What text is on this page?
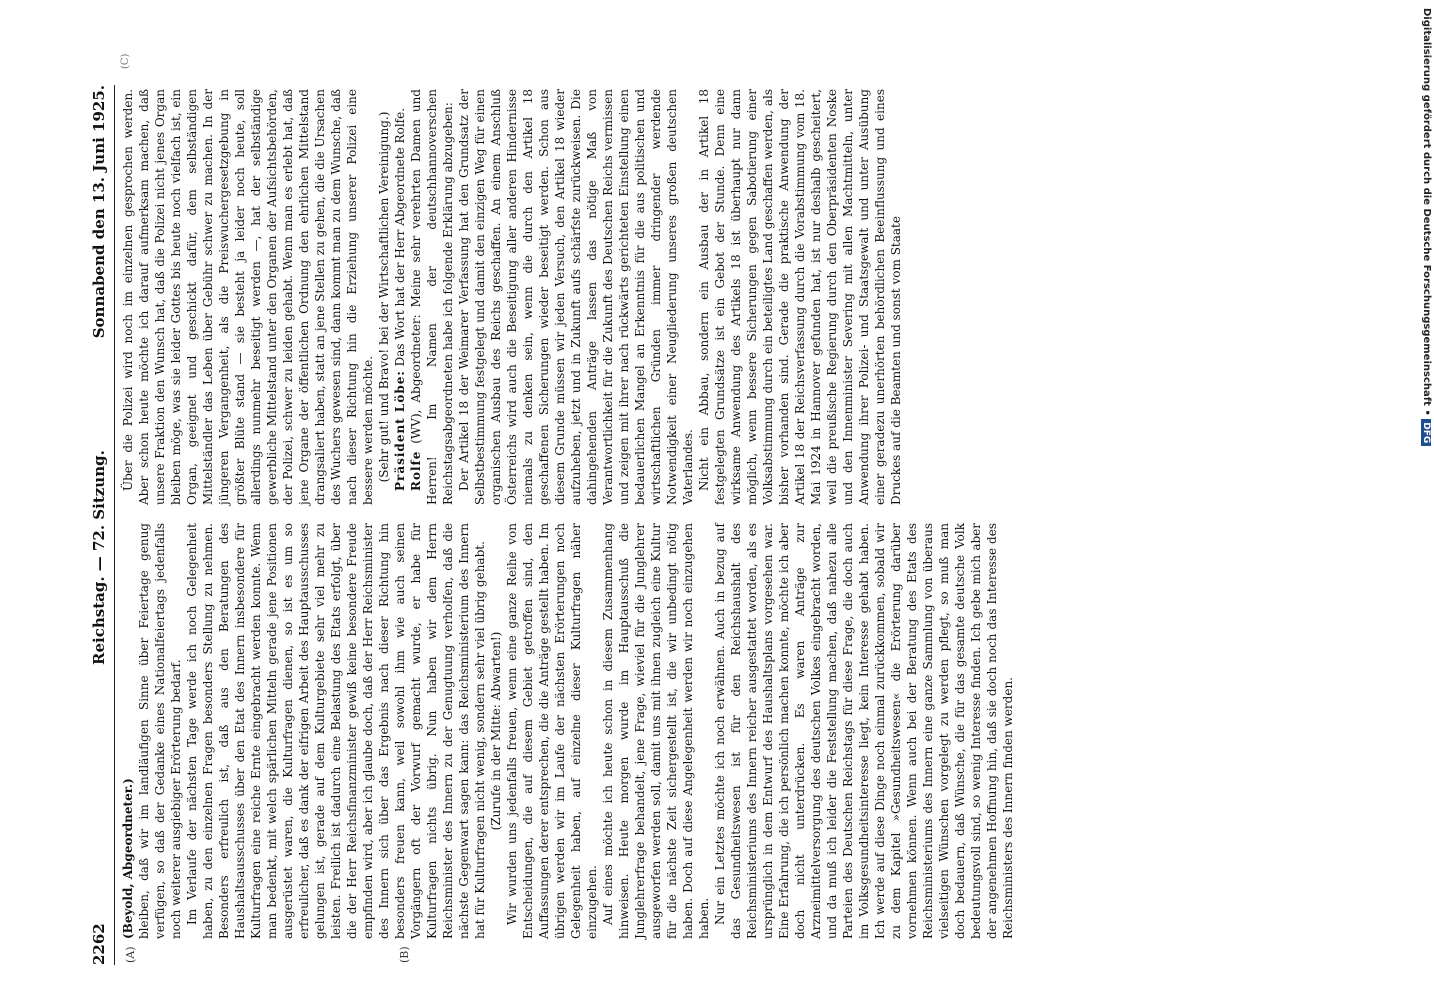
2262
Reichstag. — 72. Sitzung.
Sonnabend den 13. Juni 1925.
(A)	(B)
(C)

(Beyold, Abgeordneter.) bleiben, daß wir im landläufigen Sinne über Feiertage genug verfügen, so daß der Gedanke eines Nationalfeiertags jedenfalls noch weiterer ausgiebiger Erörterung bedarf. Im Verlaufe der nächsten Tage werde ich noch Gelegenheit haben, zu den einzelnen Fragen besonders Stellung zu nehmen. Besonders erfreulich ist, daß aus den Beratungen des Haushaltsausschusses über den Etat des Innern insbesondere für Kulturfragen eine reiche Ernte eingebracht werden konnte. Wenn man bedenkt, mit welch spärlichen Mitteln gerade jene Positionen ausgerüstet waren, die Kulturfragen dienen, so ist es um so erfreulicher, daß es dank der eifrigen Arbeit des Hauptausschusses gelungen ist, gerade auf dem Kulturgebiete sehr viel mehr zu leisten. Freilich ist dadurch eine Belastung des Etats erfolgt, über die der Herr Reichsfinanzminister gewiß keine besondere Freude empfinden wird, aber ich glaube doch, daß der Herr Reichsminister des Innern sich über das Ergebnis nach dieser Richtung hin besonders freuen kann, weil sowohl ihm wie auch seinen Vorgängern oft der Vorwurf gemacht wurde, er habe für Kulturfragen nichts übrig. Nun haben wir dem Herrn Reichsminister des Innern zu der Genugtuung verholfen, daß die nächste Gegenwart sagen kann: das Reichsministerium des Innern hat für Kulturfragen nicht wenig, sondern sehr viel übrig gehabt. (Zurufe in der Mitte: Abwarten!) Wir wurden uns jedenfalls freuen, wenn eine ganze Reihe von Entscheidungen, die auf diesem Gebiet getroffen sind, den Auffassungen derer entsprechen, die die Anträge gestellt haben. Im übrigen werden wir im Laufe der nächsten Erörterungen noch Gelegenheit haben, auf einzelne dieser Kulturfragen näher einzugehen. Auf eines möchte ich heute schon in diesem Zusammenhang hinweisen. Heute morgen wurde im Hauptausschuß die Junglehrerfrage behandelt, jene Frage, wieviel für die Junglehrer ausgeworfen werden soll, damit uns mit ihnen zugleich eine Kultur für die nächste Zeit sichergestellt ist, die wir unbedingt nötig haben. Doch auf diese Angelegenheit werden wir noch einzugehen haben. Nur ein Letztes möchte ich noch erwähnen. Auch in bezug auf das Gesundheitswesen ist für den Reichshaushalt des Reichsministeriums des Innern reicher ausgestattet worden, als es ursprünglich in dem Entwurf des Haushaltsplans vorgesehen war. Eine Erfahrung, die ich persönlich machen konnte, möchte ich aber doch nicht unterdrücken. Es waren Anträge zur Arzneimittelversorgung des deutschen Volkes eingebracht worden, und da muß ich leider die Feststellung machen, daß nahezu alle Parteien des Deutschen Reichstags für diese Frage, die doch auch im Volksgesundheitsinteresse liegt, kein Interesse gehabt haben. Ich werde auf diese Dinge noch einmal zurückkommen, sobald wir zu dem Kapitel »Gesundheitswesen« die Erörterung darüber vornehmen können. Wenn auch bei der Beratung des Etats des Reichsministeriums des Innern eine ganze Sammlung von überaus vielseitigen Wünschen vorgelegt zu werden pflegt, so muß man doch bedauern, daß Wünsche, die für das gesamte deutsche Volk bedeutungsvoll sind, so wenig Interesse finden. Ich gebe mich aber der angenehmen Hoffnung hin, daß sie doch noch das Interesse des Reichsministers des Innern finden werden.

Über die Polizei wird noch im einzelnen gesprochen werden. Aber schon heute möchte ich darauf aufmerksam machen, daß unsere Fraktion den Wunsch hat, daß die Polizei nicht jenes Organ bleiben möge, was sie leider Gottes bis heute noch vielfach ist, ein Organ, geeignet und geschickt dafür, dem selbständigen Mittelständler das Leben über Gebühr schwer zu machen. In der jüngeren Vergangenheit, als die Preiswuchergesetzgebung in größter Blüte stand — sie besteht ja leider noch heute, soll allerdings nunmehr beseitigt werden —, hat der selbständige gewerbliche Mittelstand unter den Organen der Aufsichtsbehörden, der Polizei, schwer zu leiden gehabt. Wenn man es erlebt hat, daß jene Organe der öffentlichen Ordnung den ehrlichen Mittelstand drangsaliert haben, statt an jene Stellen zu gehen, die die Ursachen des Wuchers gewesen sind, dann kommt man zu dem Wunsche, daß nach dieser Richtung hin die Erziehung unserer Polizei eine bessere werden möchte. (Sehr gut! und Bravo! bei der Wirtschaftlichen Vereinigung.) Präsident Löbe: Das Wort hat der Herr Abgeordnete Rolfe.

Rolfe (WV), Abgeordneter: Meine sehr verehrten Damen und Herren! Im Namen der deutschhannoverschen Reichstagsabgeordneten habe ich folgende Erklärung abzugeben: Der Artikel 18 der Weimarer Verfassung hat den Grundsatz der Selbstbestimmung festgelegt und damit den einzigen Weg für einen organischen Ausbau des Reichs geschaffen. An einem Anschluß Österreichs wird auch die Beseitigung aller anderen Hindernisse niemals zu denken sein, wenn die durch den Artikel 18 geschaffenen Sicherungen wieder beseitigt werden. Schon aus diesem Grunde müssen wir jeden Versuch, den Artikel 18 wieder aufzuheben, jetzt und in Zukunft aufs schärfste zurückweisen. Die dahingehenden Anträge lassen das nötige Maß von Verantwortlichkeit für die Zukunft des Deutschen Reichs vermissen und zeigen mit ihrer nach rückwärts gerichteten Einstellung einen bedauerlichen Mangel an Erkenntnis für die aus politischen und wirtschaftlichen Gründen immer dringender werdende Notwendigkeit einer Neugliederung unseres großen deutschen Vaterlandes. Nicht ein Abbau, sondern ein Ausbau der in Artikel 18 festgelegten Grundsätze ist ein Gebot der Stunde. Denn eine wirksame Anwendung des Artikels 18 ist überhaupt nur dann möglich, wenn bessere Sicherungen gegen Sabotierung einer Volksabstimmung durch ein beteiligtes Land geschaffen werden, als bisher vorhanden sind. Gerade die praktische Anwendung der Artikel 18 der Reichsverfassung durch die Vorabstimmung vom 18. Mai 1924 in Hannover gefunden hat, ist nur deshalb gescheitert, weil die preußische Regierung durch den Oberpräsidenten Noske und den Innenminister Severing mit allen Machtmitteln, unter Anwendung ihrer Polizei- und Staatsgewalt und unter Ausübung einer geradezu unerhörten behördlichen Beeinflussung und eines Druckes auf die Beamten und sonst vom Staate	Digitalisierung gefördert durch die Deutsche Forschungsgemeinschaft • DFG
